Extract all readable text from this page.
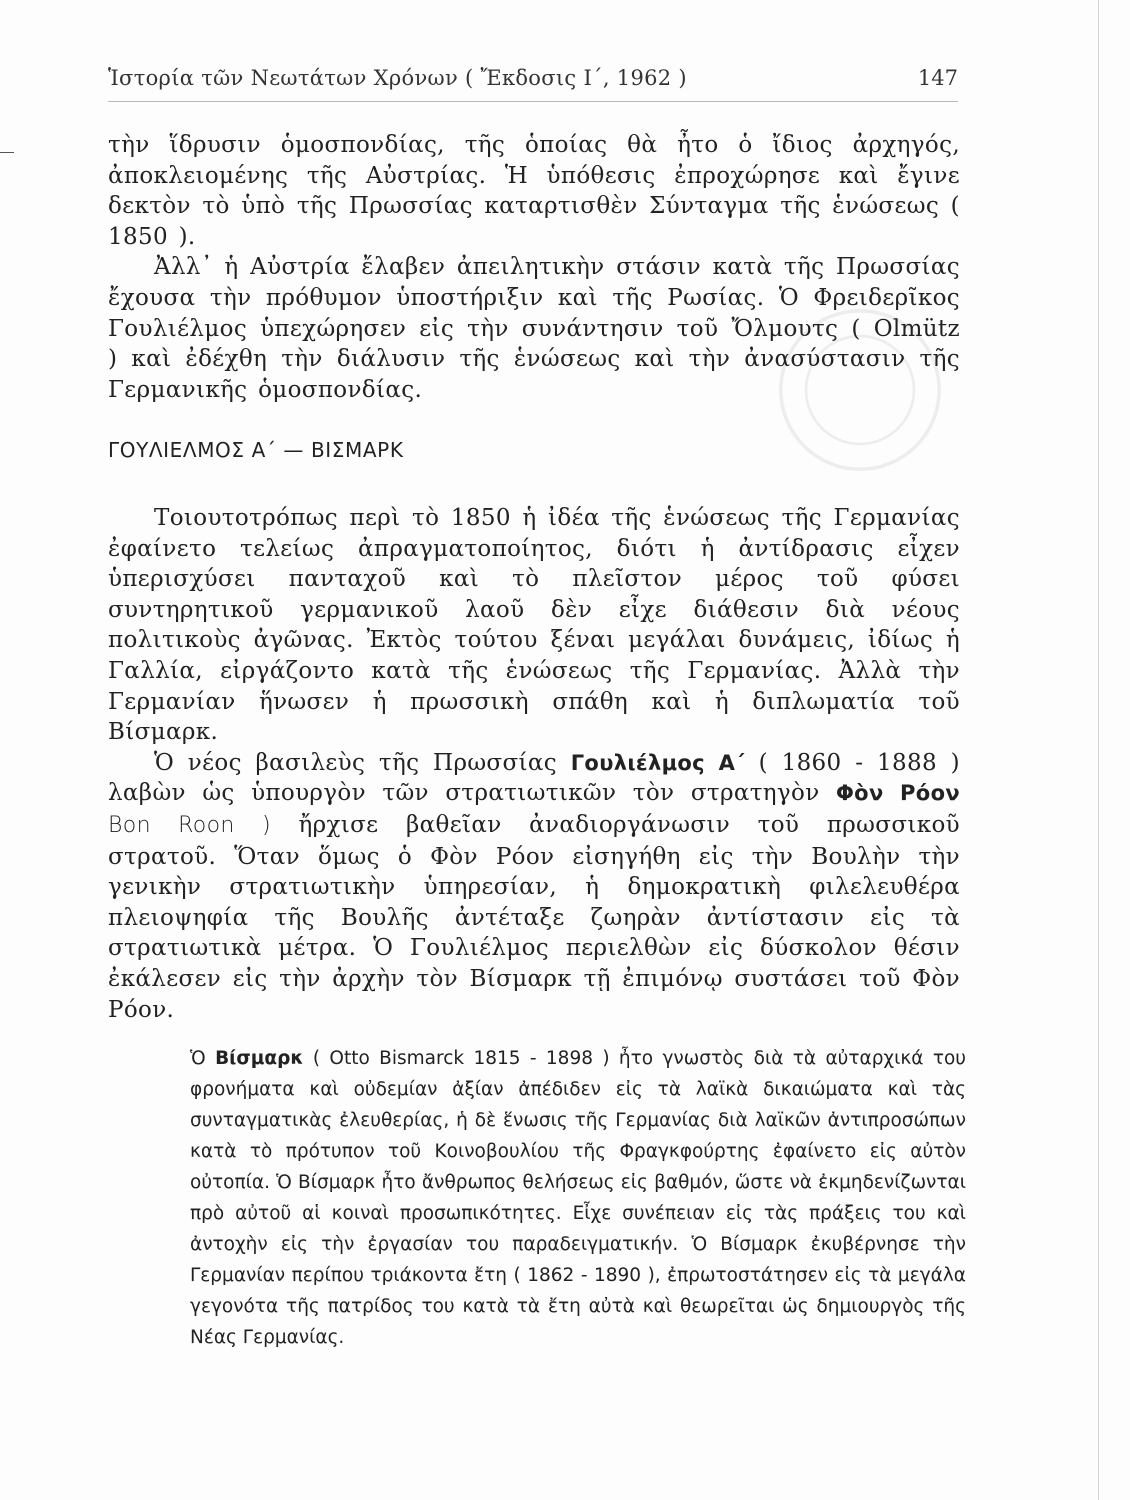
Ἱστορία τῶν Νεωτάτων Χρόνων ( Ἔκδοσις Ι΄, 1962 )	147

τὴν ἵδρυσιν ὁμοσπονδίας, τῆς ὁποίας θὰ ἦτο ὁ ἴδιος ἀρχηγός, ἀποκλειομένης τῆς Αὐστρίας. Ἡ ὑπόθεσις ἐπροχώρησε καὶ ἔγινε δεκτὸν τὸ ὑπὸ τῆς Πρωσσίας καταρτισθὲν Σύνταγμα τῆς ἑνώσεως ( 1850 ).

Ἀλλ᾽ ἡ Αὐστρία ἔλαβεν ἀπειλητικὴν στάσιν κατὰ τῆς Πρωσσίας ἔχουσα τὴν πρόθυμον ὑποστήριξιν καὶ τῆς Ρωσίας. Ὁ Φρειδερῖκος Γουλιέλμος ὑπεχώρησεν εἰς τὴν συνάντησιν τοῦ Ὄλμουτς ( Olmütz ) καὶ ἐδέχθη τὴν διάλυσιν τῆς ἑνώσεως καὶ τὴν ἀνασύστασιν τῆς Γερμανικῆς ὁμοσπονδίας.

ΓΟΥΛΙΕΛΜΟΣ Α΄ — ΒΙΣΜΑΡΚ

Τοιουτοτρόπως περὶ τὸ 1850 ἡ ἰδέα τῆς ἑνώσεως τῆς Γερμανίας ἐφαίνετο τελείως ἀπραγματοποίητος, διότι ἡ ἀντίδρασις εἶχεν ὑπερισχύσει πανταχοῦ καὶ τὸ πλεῖστον μέρος τοῦ φύσει συντηρητικοῦ γερμανικοῦ λαοῦ δὲν εἶχε διάθεσιν διὰ νέους πολιτικοὺς ἀγῶνας. Ἐκτὸς τούτου ξέναι μεγάλαι δυνάμεις, ἰδίως ἡ Γαλλία, εἰργάζοντο κατὰ τῆς ἑνώσεως τῆς Γερμανίας. Ἀλλὰ τὴν Γερμανίαν ἥνωσεν ἡ πρωσσικὴ σπάθη καὶ ἡ διπλωματία τοῦ Βίσμαρκ.

Ὁ νέος βασιλεὺς τῆς Πρωσσίας Γουλιέλμος Α΄ ( 1860 - 1888 ) λαβὼν ὡς ὑπουργὸν τῶν στρατιωτικῶν τὸν στρατηγὸν Φὸν Ρόον Bon Roon ) ἤρχισε βαθεῖαν ἀναδιοργάνωσιν τοῦ πρωσσικοῦ στρατοῦ. Ὅταν ὅμως ὁ Φὸν Ρόον εἰσηγήθη εἰς τὴν Βουλὴν τὴν γενικὴν στρατιωτικὴν ὑπηρεσίαν, ἡ δημοκρατικὴ φιλελευθέρα πλειοψηφία τῆς Βουλῆς ἀντέταξε ζωηρὰν ἀντίστασιν εἰς τὰ στρατιωτικὰ μέτρα. Ὁ Γουλιέλμος περιελθὼν εἰς δύσκολον θέσιν ἐκάλεσεν εἰς τὴν ἀρχὴν τὸν Βίσμαρκ τῇ ἐπιμόνῳ συστάσει τοῦ Φὸν Ρόον.

Ὁ Βίσμαρκ ( Otto Bismarck 1815 - 1898 ) ἦτο γνωστὸς διὰ τὰ αὐταρχικά του φρονήματα καὶ οὐδεμίαν ἀξίαν ἀπέδιδεν εἰς τὰ λαϊκὰ δικαιώματα καὶ τὰς συνταγματικὰς ἐλευθερίας, ἡ δὲ ἕνωσις τῆς Γερμανίας διὰ λαϊκῶν ἀντιπροσώπων κατὰ τὸ πρότυπον τοῦ Κοινοβουλίου τῆς Φραγκφούρτης ἐφαίνετο εἰς αὐτὸν οὐτοπία. Ὁ Βίσμαρκ ἦτο ἄνθρωπος θελήσεως εἰς βαθμόν, ὥστε νὰ ἐκμηδενίζωνται πρὸ αὐτοῦ αἱ κοιναὶ προσωπικότητες. Εἶχε συνέπειαν εἰς τὰς πράξεις του καὶ ἀντοχὴν εἰς τὴν ἐργασίαν του παραδειγματικήν. Ὁ Βίσμαρκ ἐκυβέρνησε τὴν Γερμανίαν περίπου τριάκοντα ἔτη ( 1862 - 1890 ), ἐπρωτοστάτησεν εἰς τὰ μεγάλα γεγονότα τῆς πατρίδος του κατὰ τὰ ἔτη αὐτὰ καὶ θεωρεῖται ὡς δημιουργὸς τῆς Νέας Γερμανίας.
